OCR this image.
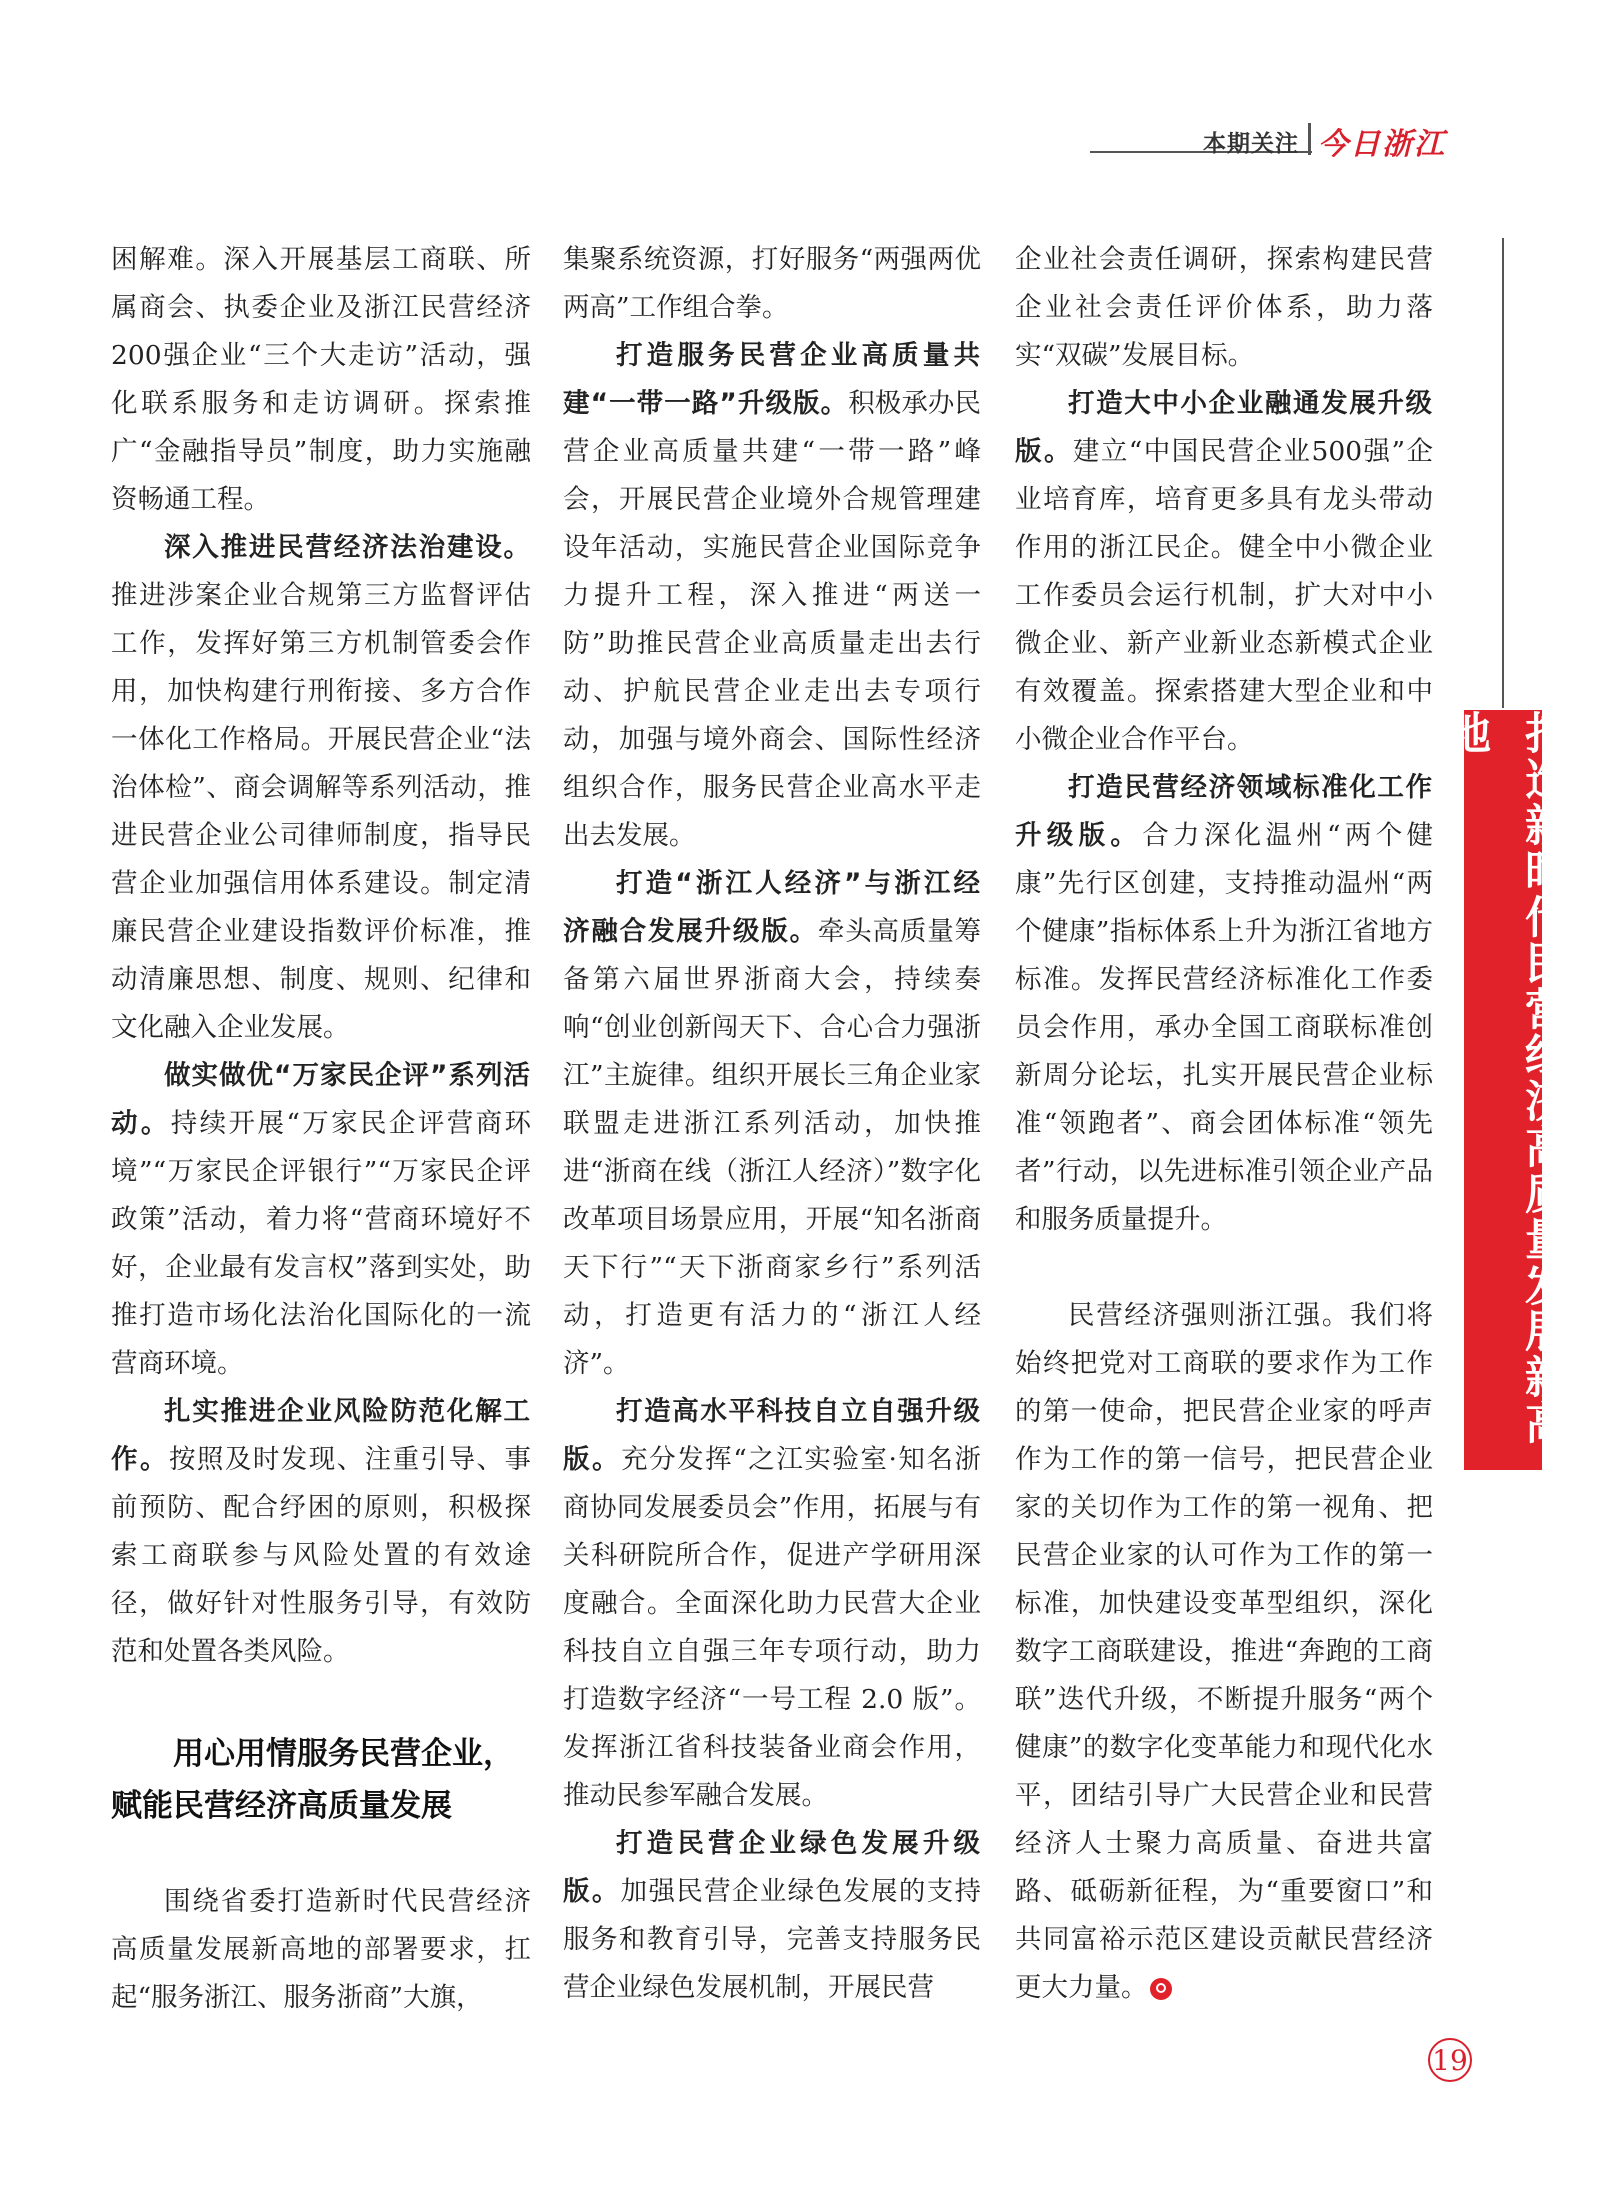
本期关注 今日浙江

困解难。深入开展基层工商联、所属商会、执委企业及浙江民营经济200强企业“三个大走访”活动，强化联系服务和走访调研。探索推广“金融指导员”制度，助力实施融资畅通工程。

深入推进民营经济法治建设。推进涉案企业合规第三方监督评估工作，发挥好第三方机制管委会作用，加快构建行刑衔接、多方合作一体化工作格局。开展民营企业“法治体检”、商会调解等系列活动，推进民营企业公司律师制度，指导民营企业加强信用体系建设。制定清廉民营企业建设指数评价标准，推动清廉思想、制度、规则、纪律和文化融入企业发展。

做实做优“万家民企评”系列活动。持续开展“万家民企评营商环境”“万家民企评银行”“万家民企评政策”活动，着力将“营商环境好不好，企业最有发言权”落到实处，助推打造市场化法治化国际化的一流营商环境。

扎实推进企业风险防范化解工作。按照及时发现、注重引导、事前预防、配合纾困的原则，积极探索工商联参与风险处置的有效途径，做好针对性服务引导，有效防范和处置各类风险。

用心用情服务民营企业，
赋能民营经济高质量发展

围绕省委打造新时代民营经济高质量发展新高地的部署要求，扛起“服务浙江、服务浙商”大旗，

集聚系统资源，打好服务“两强两优两高”工作组合拳。

打造服务民营企业高质量共建“一带一路”升级版。积极承办民营企业高质量共建“一带一路”峰会，开展民营企业境外合规管理建设年活动，实施民营企业国际竞争力提升工程，深入推进“两送一防”助推民营企业高质量走出去行动、护航民营企业走出去专项行动，加强与境外商会、国际性经济组织合作，服务民营企业高水平走出去发展。

打造“浙江人经济”与浙江经济融合发展升级版。牵头高质量筹备第六届世界浙商大会，持续奏响“创业创新闯天下、合心合力强浙江”主旋律。组织开展长三角企业家联盟走进浙江系列活动，加快推进“浙商在线（浙江人经济）”数字化改革项目场景应用，开展“知名浙商天下行”“天下浙商家乡行”系列活动，打造更有活力的“浙江人经济”。

打造高水平科技自立自强升级版。充分发挥“之江实验室·知名浙商协同发展委员会”作用，拓展与有关科研院所合作，促进产学研用深度融合。全面深化助力民营大企业科技自立自强三年专项行动，助力打造数字经济“一号工程 2.0 版”。发挥浙江省科技装备业商会作用，推动民参军融合发展。

打造民营企业绿色发展升级版。加强民营企业绿色发展的支持服务和教育引导，完善支持服务民营企业绿色发展机制，开展民营

企业社会责任调研，探索构建民营企业社会责任评价体系，助力落实“双碳”发展目标。

打造大中小企业融通发展升级版。建立“中国民营企业500强”企业培育库，培育更多具有龙头带动作用的浙江民企。健全中小微企业工作委员会运行机制，扩大对中小微企业、新产业新业态新模式企业有效覆盖。探索搭建大型企业和中小微企业合作平台。

打造民营经济领域标准化工作升级版。合力深化温州“两个健康”先行区创建，支持推动温州“两个健康”指标体系上升为浙江省地方标准。发挥民营经济标准化工作委员会作用，承办全国工商联标准创新周分论坛，扎实开展民营企业标准“领跑者”、商会团体标准“领先者”行动，以先进标准引领企业产品和服务质量提升。

民营经济强则浙江强。我们将始终把党对工商联的要求作为工作的第一使命，把民营企业家的呼声作为工作的第一信号，把民营企业家的关切作为工作的第一视角、把民营企业家的认可作为工作的第一标准，加快建设变革型组织，深化数字工商联建设，推进“奔跑的工商联”迭代升级，不断提升服务“两个健康”的数字化变革能力和现代化水平，团结引导广大民营企业和民营经济人士聚力高质量、奋进共富路、砥砺新征程，为“重要窗口”和共同富裕示范区建设贡献民营经济更大力量。

打造新时代民营经济高质量发展新高地
19
